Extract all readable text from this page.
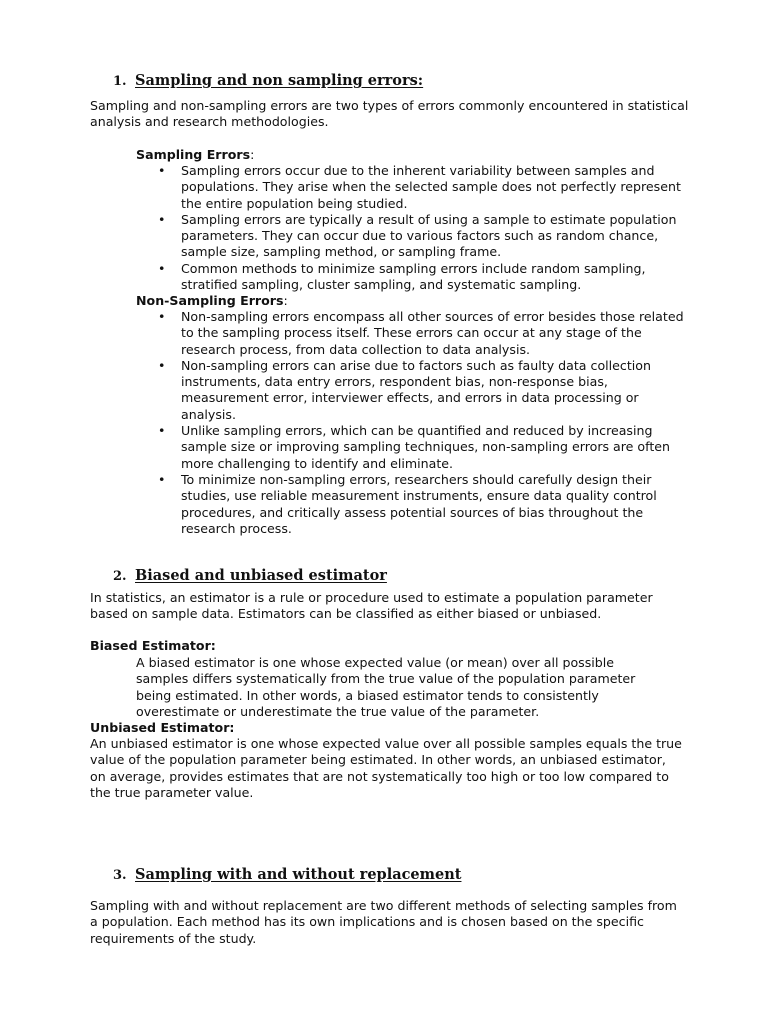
1. Sampling and non sampling errors:

Sampling and non-sampling errors are two types of errors commonly encountered in statistical analysis and research methodologies.

Sampling Errors:
• Sampling errors occur due to the inherent variability between samples and populations. They arise when the selected sample does not perfectly represent the entire population being studied.
• Sampling errors are typically a result of using a sample to estimate population parameters. They can occur due to various factors such as random chance, sample size, sampling method, or sampling frame.
• Common methods to minimize sampling errors include random sampling, stratified sampling, cluster sampling, and systematic sampling.
Non-Sampling Errors:
• Non-sampling errors encompass all other sources of error besides those related to the sampling process itself. These errors can occur at any stage of the research process, from data collection to data analysis.
• Non-sampling errors can arise due to factors such as faulty data collection instruments, data entry errors, respondent bias, non-response bias, measurement error, interviewer effects, and errors in data processing or analysis.
• Unlike sampling errors, which can be quantified and reduced by increasing sample size or improving sampling techniques, non-sampling errors are often more challenging to identify and eliminate.
• To minimize non-sampling errors, researchers should carefully design their studies, use reliable measurement instruments, ensure data quality control procedures, and critically assess potential sources of bias throughout the research process.
2. Biased and unbiased estimator

In statistics, an estimator is a rule or procedure used to estimate a population parameter based on sample data. Estimators can be classified as either biased or unbiased.

Biased Estimator:

A biased estimator is one whose expected value (or mean) over all possible samples differs systematically from the true value of the population parameter being estimated. In other words, a biased estimator tends to consistently overestimate or underestimate the true value of the parameter.

Unbiased Estimator:

An unbiased estimator is one whose expected value over all possible samples equals the true value of the population parameter being estimated. In other words, an unbiased estimator, on average, provides estimates that are not systematically too high or too low compared to the true parameter value.

3. Sampling with and without replacement

Sampling with and without replacement are two different methods of selecting samples from a population. Each method has its own implications and is chosen based on the specific requirements of the study.
